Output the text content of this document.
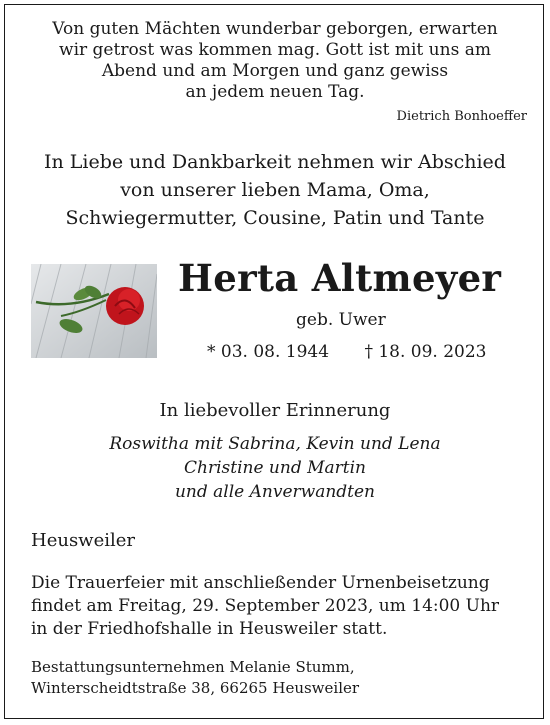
Von guten Mächten wunderbar geborgen, erwarten
wir getrost was kommen mag. Gott ist mit uns am
Abend und am Morgen und ganz gewiss
an jedem neuen Tag.
Dietrich Bonhoeffer
In Liebe und Dankbarkeit nehmen wir Abschied
von unserer lieben Mama, Oma,
Schwiegermutter, Cousine, Patin und Tante
Herta Altmeyer
geb. Uwer
* 03. 08. 1944 † 18. 09. 2023
In liebevoller Erinnerung
Roswitha mit Sabrina, Kevin und Lena
Christine und Martin
und alle Anverwandten
Heusweiler
Die Trauerfeier mit anschließender Urnenbeisetzung
findet am Freitag, 29. September 2023, um 14:00 Uhr
in der Friedhofshalle in Heusweiler statt.
Bestattungsunternehmen Melanie Stumm,
Winterscheidtstraße 38, 66265 Heusweiler
